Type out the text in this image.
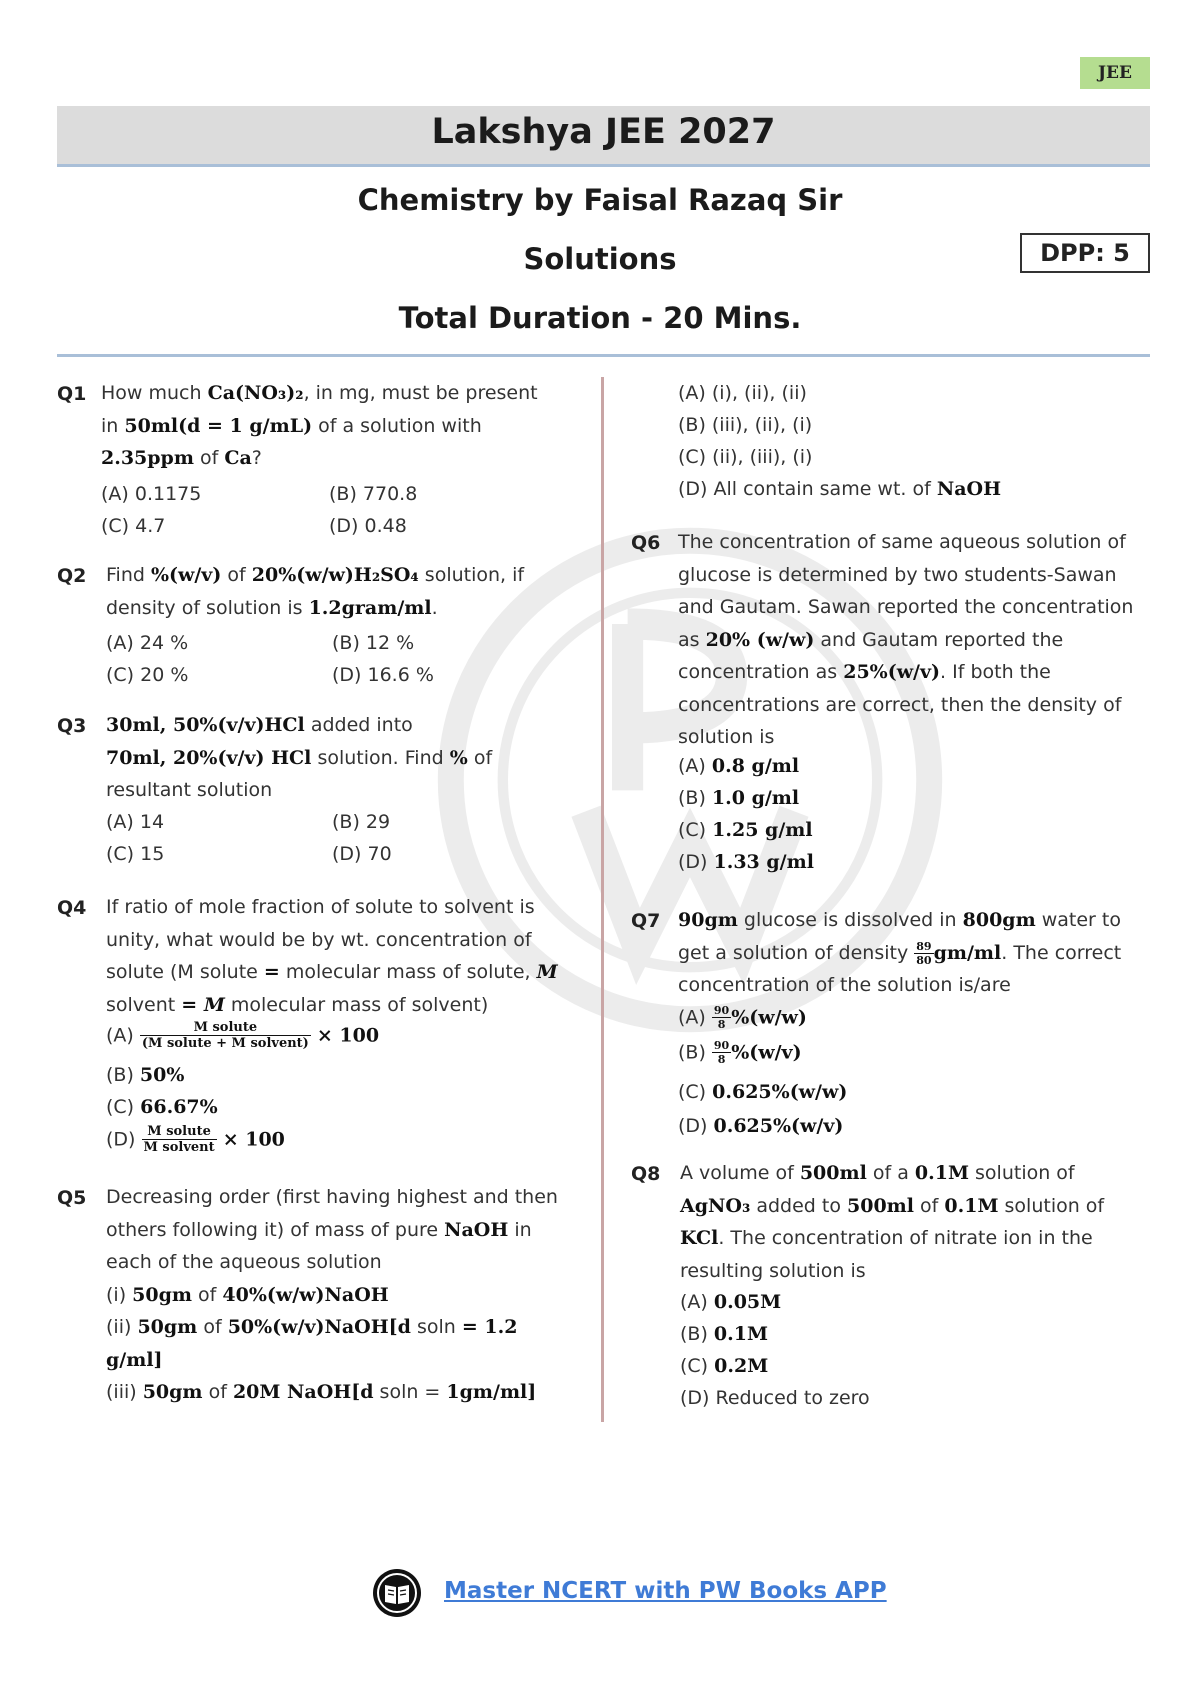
JEE
Lakshya JEE 2027
Chemistry by Faisal Razaq Sir
Solutions	DPP: 5
Total Duration - 20 Mins.
Q1 How much Ca(NO₃)₂, in mg, must be present
in 50ml(d = 1 g/mL) of a solution with
2.35ppm of Ca?
(A) 0.1175	(B) 770.8
(C) 4.7	(D) 0.48
Q2 Find %(w/v) of 20%(w/w)H₂SO₄ solution, if
density of solution is 1.2gram/ml.
(A) 24 %	(B) 12 %
(C) 20 %	(D) 16.6 %
Q3 30ml, 50%(v/v)HCl added into
70ml, 20%(v/v) HCl solution. Find % of
resultant solution
(A) 14	(B) 29
(C) 15	(D) 70
Q4 If ratio of mole fraction of solute to solvent is
unity, what would be by wt. concentration of
solute (M solute = molecular mass of solute, M
solvent = M molecular mass of solvent)
$(A) \frac{\text{M solute}}{\text{(M solute + M solvent)}} \times 100$
(B) 50%
(C) 66.67%
$(D) \frac{\text{M solute}}{\text{M solvent}} \times 100$
Q5 Decreasing order (first having highest and then
others following it) of mass of pure NaOH in
each of the aqueous solution
(i) 50gm of 40%(w/w)NaOH
(ii) 50gm of 50%(w/v)NaOH[d soln = 1.2
g/ml]
(iii) 50gm of 20M NaOH[d soln = 1gm/ml]
(A) (i), (ii), (ii)
(B) (iii), (ii), (i)
(C) (ii), (iii), (i)
(D) All contain same wt. of NaOH
Q6 The concentration of same aqueous solution of
glucose is determined by two students-Sawan
and Gautam. Sawan reported the concentration
as 20% (w/w) and Gautam reported the
concentration as 25%(w/v). If both the
concentrations are correct, then the density of
solution is
(A) 0.8 g/ml
(B) 1.0 g/ml
(C) 1.25 g/ml
(D) 1.33 g/ml
Q7 90gm glucose is dissolved in 800gm water to
get a solution of density $\frac{89}{80} gm/ml$. The correct
concentration of the solution is/are
$(A) \frac{90}{8} \%(w/w)$
$(B) \frac{90}{8} \%(w/v)$
(C) 0.625%(w/w)
(D) 0.625%(w/v)
Q8 A volume of 500ml of a 0.1M solution of
AgNO₃ added to 500ml of 0.1M solution of
KCl. The concentration of nitrate ion in the
resulting solution is
(A) 0.05M
(B) 0.1M
(C) 0.2M
(D) Reduced to zero
Master NCERT with PW Books APP
